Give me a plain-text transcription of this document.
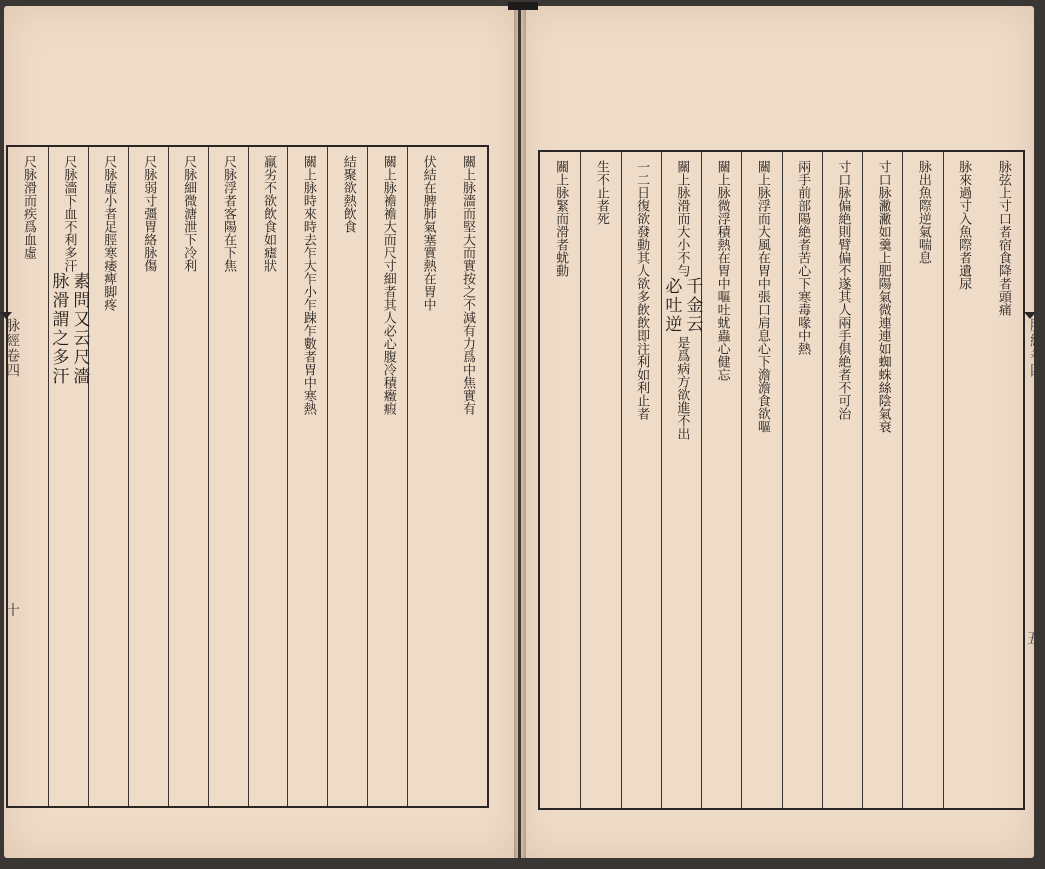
脉經卷四
十
脉經卷四
五
關上脉濇而堅大而實按之不減有力爲中焦實有
伏結在脾肺氣塞實熱在胃中
關上脉襜襜大而尺寸細者其人必心腹冷積癥瘕
結聚欲熱飲食
關上脉時來時去乍大乍小乍踈乍數者胃中寒熱
羸劣不欲飲食如瘧狀
尺脉浮者客陽在下焦
尺脉細微溏泄下冷利
尺脉弱寸彊胃絡脉傷
尺脉虛小者足脛寒痿痺脚疼
尺脉濇下血不利多汗
素問又云尺濇
脉滑謂之多汗
尺脉滑而疾爲血虛	脉弦上寸口者宿食降者頭痛
脉來過寸入魚際者遺尿
脉出魚際逆氣喘息
寸口脉潎潎如羹上肥陽氣微連連如蜘蛛絲陰氣衰
寸口脉偏絶則臂偏不遂其人兩手俱絶者不可治
兩手前部陽絶者苦心下寒毒喙中熱
關上脉浮而大風在胃中張口肩息心下澹澹食欲嘔
關上脉微浮積熱在胃中嘔吐蚘蟲心健忘
關上脉滑而大小不勻
千金云
必吐逆
是爲病方欲進不出
一二日復欲發動其人欲多飲飲即注利如利止者
生不止者死
關上脉緊而滑者蚘動
